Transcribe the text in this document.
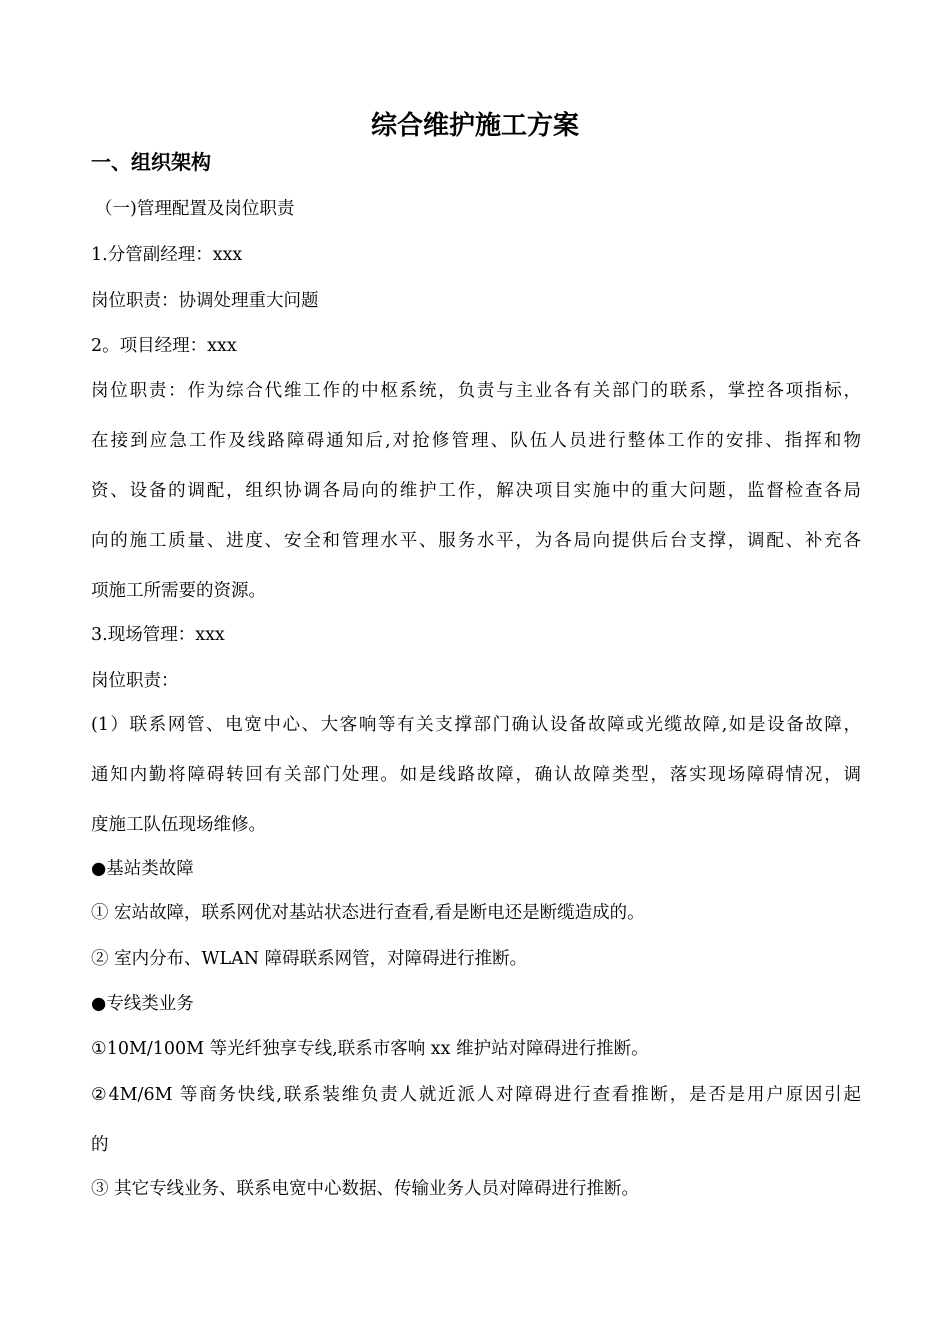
综合维护施工方案
一、组织架构
（一)管理配置及岗位职责
1.分管副经理：xxx
岗位职责：协调处理重大问题
2。项目经理：xxx
岗位职责：作为综合代维工作的中枢系统，负责与主业各有关部门的联系，掌控各项指标，
在接到应急工作及线路障碍通知后,对抢修管理、队伍人员进行整体工作的安排、指挥和物
资、设备的调配，组织协调各局向的维护工作，解决项目实施中的重大问题，监督检查各局
向的施工质量、进度、安全和管理水平、服务水平，为各局向提供后台支撑，调配、补充各
项施工所需要的资源。
3.现场管理：xxx
岗位职责：
(1）联系网管、电宽中心、大客响等有关支撑部门确认设备故障或光缆故障,如是设备故障，
通知内勤将障碍转回有关部门处理。如是线路故障，确认故障类型，落实现场障碍情况，调
度施工队伍现场维修。
●基站类故障
① 宏站故障，联系网优对基站状态进行查看,看是断电还是断缆造成的。
② 室内分布、WLAN 障碍联系网管，对障碍进行推断。
●专线类业务
①10M/100M 等光纤独享专线,联系市客响 xx 维护站对障碍进行推断。
②4M/6M 等商务快线,联系装维负责人就近派人对障碍进行查看推断，是否是用户原因引起
的
③ 其它专线业务、联系电宽中心数据、传输业务人员对障碍进行推断。
